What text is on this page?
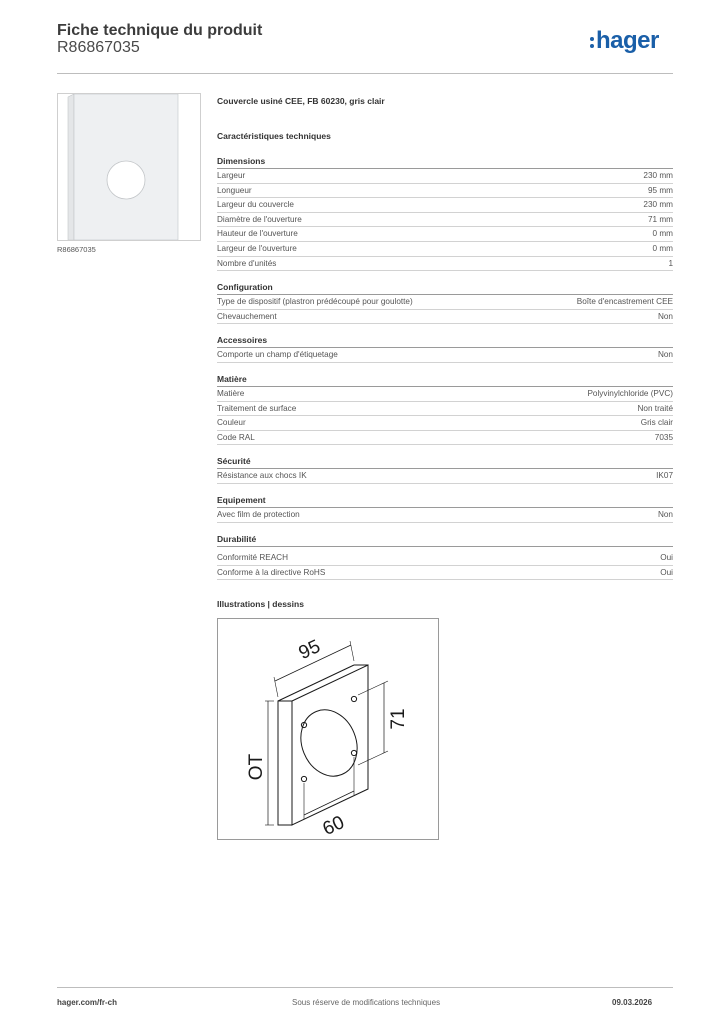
Fiche technique du produit
R86867035	hager
R86867035
Couvercle usiné CEE, FB 60230, gris clair
Caractéristiques techniques
Dimensions
Largeur	230 mm
Longueur	95 mm
Largeur du couvercle	230 mm
Diamètre de l'ouverture	71 mm
Hauteur de l'ouverture	0 mm
Largeur de l'ouverture	0 mm
Nombre d'unités	1
Configuration
Type de dispositif (plastron prédécoupé pour goulotte)	Boîte d'encastrement CEE
Chevauchement	Non
Accessoires
Comporte un champ d'étiquetage	Non
Matière
Matière	Polyvinylchloride (PVC)
Traitement de surface	Non traité
Couleur	Gris clair
Code RAL	7035
Sécurité
Résistance aux chocs IK	IK07
Equipement
Avec film de protection	Non
Durabilité
Conformité REACH	Oui
Conforme à la directive RoHS	Oui
Illustrations | dessins
95
71
OT
60
hager.com/fr-ch	Sous réserve de modifications techniques	09.03.2026
